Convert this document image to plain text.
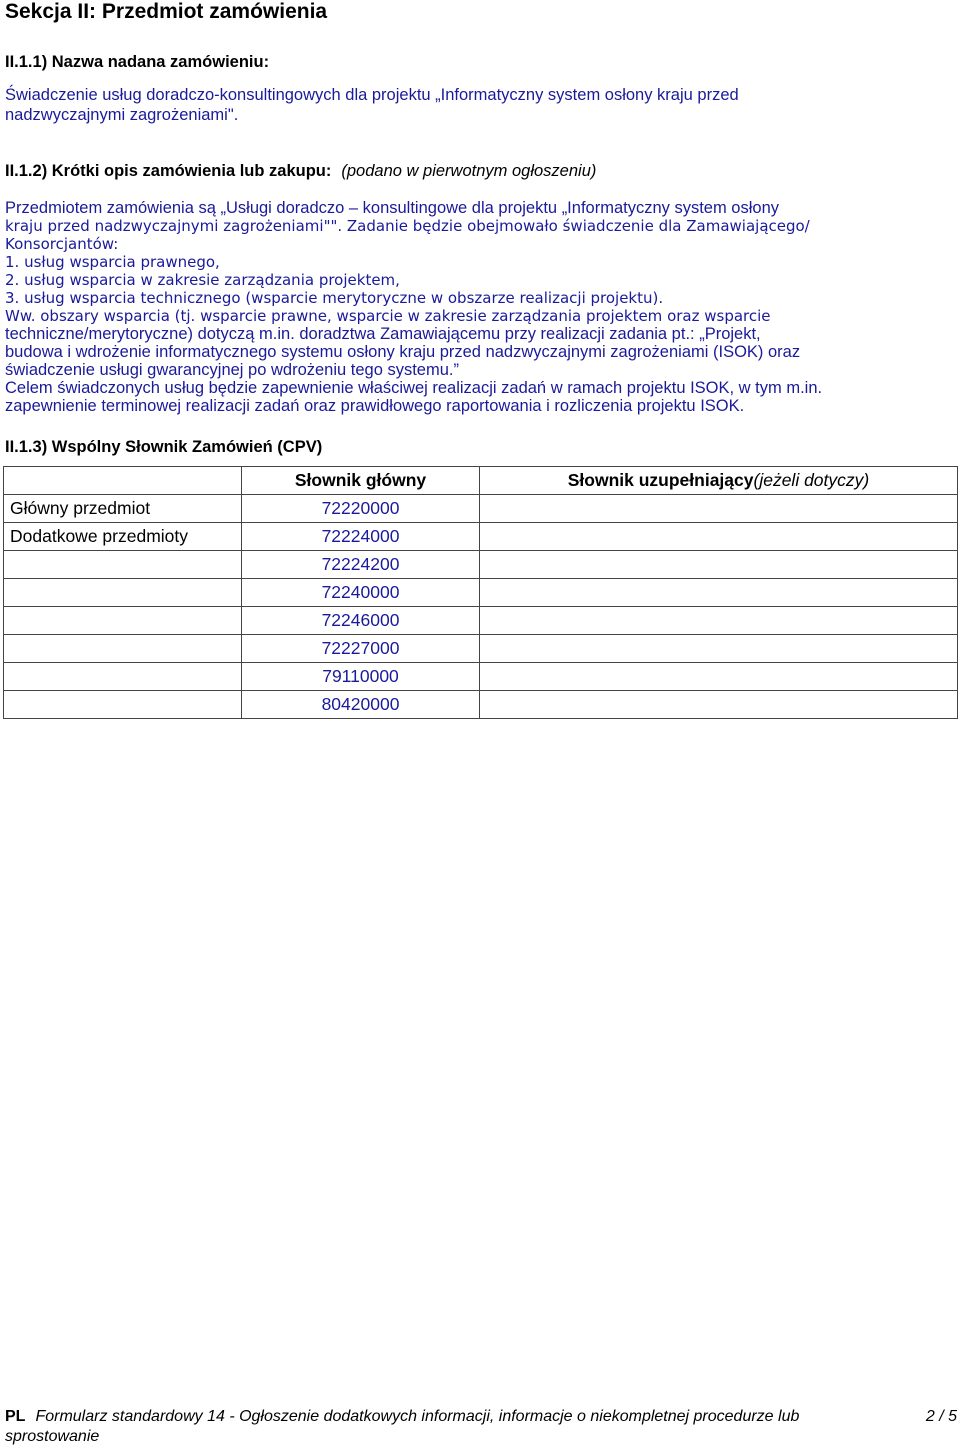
Sekcja II: Przedmiot zamówienia
II.1.1) Nazwa nadana zamówieniu:
Świadczenie usług doradczo-konsultingowych dla projektu „Informatyczny system osłony kraju przed
nadzwyczajnymi zagrożeniami".
II.1.2) Krótki opis zamówienia lub zakupu: (podano w pierwotnym ogłoszeniu)
Przedmiotem zamówienia są „Usługi doradczo – konsultingowe dla projektu „Informatyczny system osłony
kraju przed nadzwyczajnymi zagrożeniami"". Zadanie będzie obejmowało świadczenie dla Zamawiającego/
Konsorcjantów:
1. usług wsparcia prawnego,
2. usług wsparcia w zakresie zarządzania projektem,
3. usług wsparcia technicznego (wsparcie merytoryczne w obszarze realizacji projektu).
Ww. obszary wsparcia (tj. wsparcie prawne, wsparcie w zakresie zarządzania projektem oraz wsparcie
techniczne/merytoryczne) dotyczą m.in. doradztwa Zamawiającemu przy realizacji zadania pt.: „Projekt,
budowa i wdrożenie informatycznego systemu osłony kraju przed nadzwyczajnymi zagrożeniami (ISOK) oraz
świadczenie usługi gwarancyjnej po wdrożeniu tego systemu.”
Celem świadczonych usług będzie zapewnienie właściwej realizacji zadań w ramach projektu ISOK, w tym m.in.
zapewnienie terminowej realizacji zadań oraz prawidłowego raportowania i rozliczenia projektu ISOK.
II.1.3) Wspólny Słownik Zamówień (CPV)
	Słownik główny	Słownik uzupełniający(jeżeli dotyczy)
Główny przedmiot	72220000	
Dodatkowe przedmioty	72224000	
	72224200	
	72240000	
	72246000	
	72227000	
	79110000	
	80420000	
PL Formularz standardowy 14 - Ogłoszenie dodatkowych informacji, informacje o niekompletnej procedurze lub sprostowanie
2 / 5
